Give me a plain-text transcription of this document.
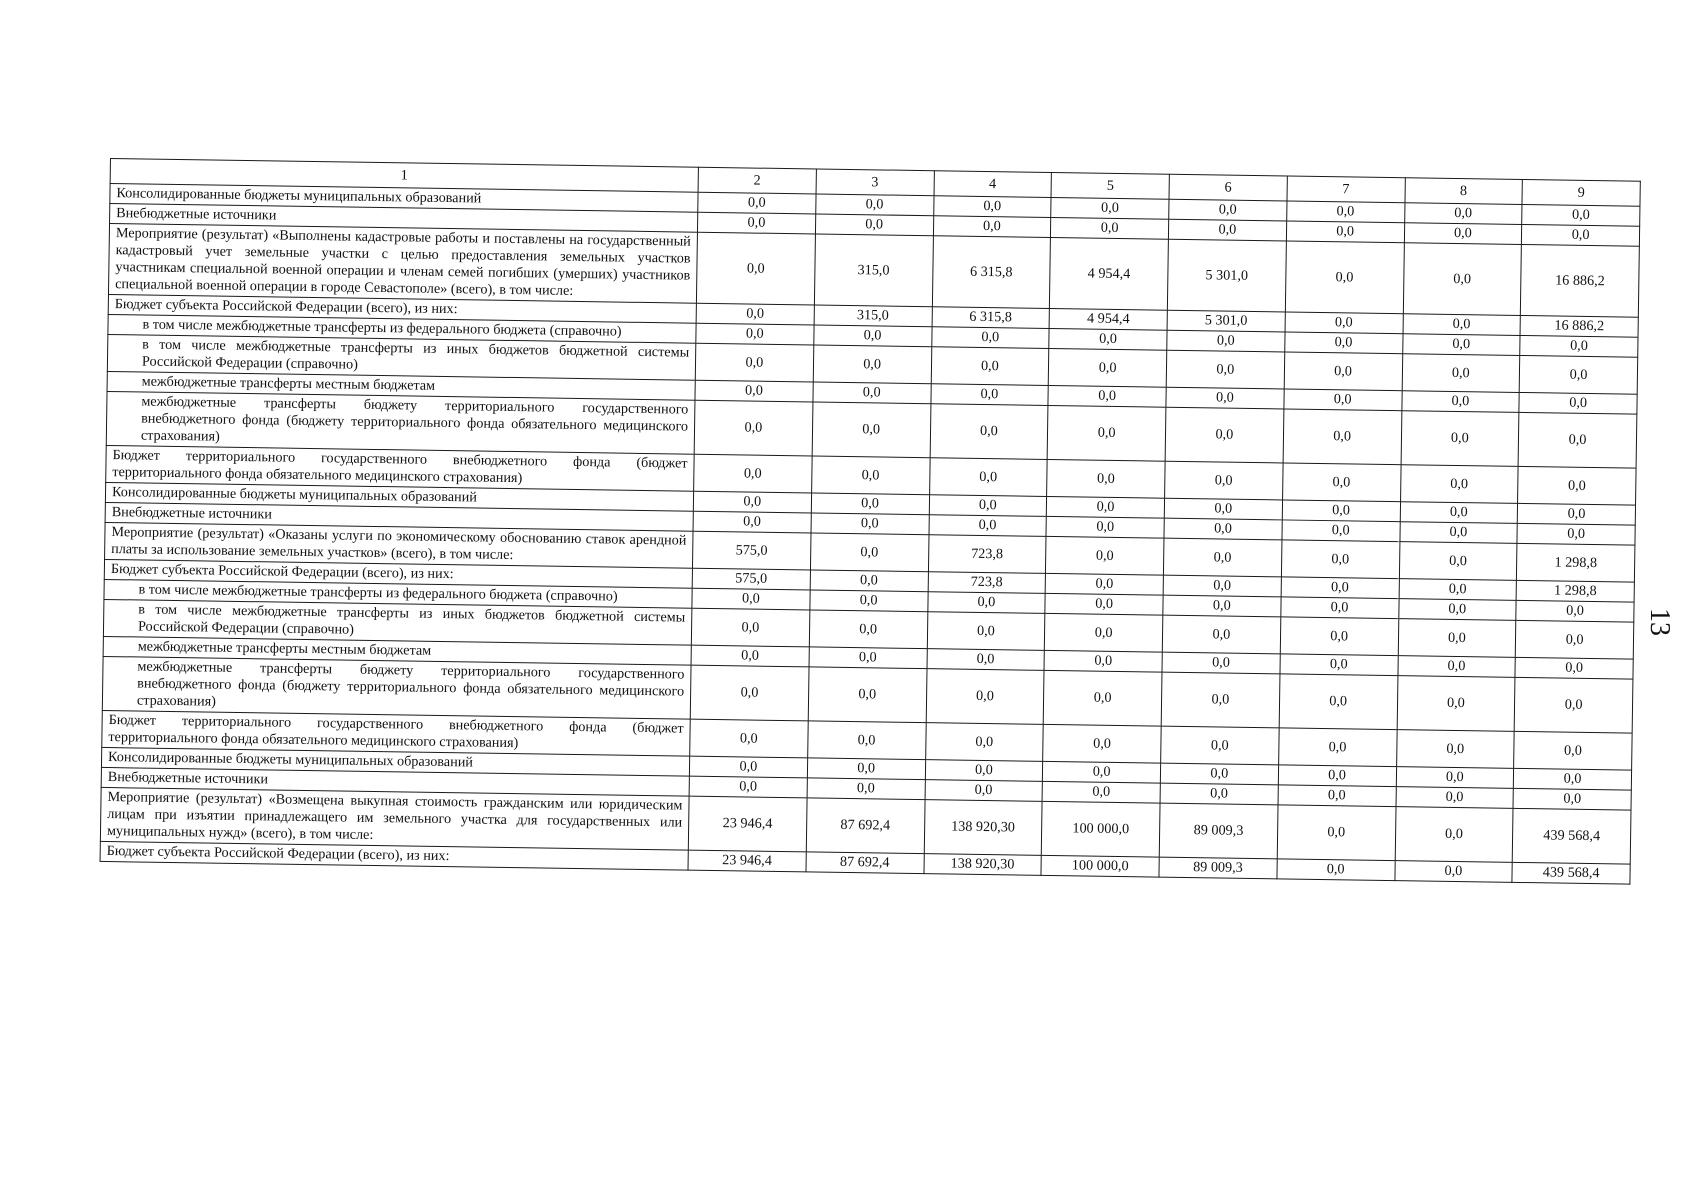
1	2	3	4	5	6	7	8	9
Консолидированные бюджеты муниципальных образований	0,0	0,0	0,0	0,0	0,0	0,0	0,0	0,0
Внебюджетные источники	0,0	0,0	0,0	0,0	0,0	0,0	0,0	0,0
Мероприятие (результат) «Выполнены кадастровые работы и поставлены на государственный кадастровый учет земельные участки с целью предоставления земельных участков участникам специальной военной операции и членам семей погибших (умерших) участников специальной военной операции в городе Севастополе» (всего), в том числе:	0,0	315,0	6 315,8	4 954,4	5 301,0	0,0	0,0	16 886,2
Бюджет субъекта Российской Федерации (всего), из них:	0,0	315,0	6 315,8	4 954,4	5 301,0	0,0	0,0	16 886,2
в том числе межбюджетные трансферты из федерального бюджета (справочно)	0,0	0,0	0,0	0,0	0,0	0,0	0,0	0,0
в том числе межбюджетные трансферты из иных бюджетов бюджетной системы Российской Федерации (справочно)	0,0	0,0	0,0	0,0	0,0	0,0	0,0	0,0
межбюджетные трансферты местным бюджетам	0,0	0,0	0,0	0,0	0,0	0,0	0,0	0,0
межбюджетные трансферты бюджету территориального государственного внебюджетного фонда (бюджету территориального фонда обязательного медицинского страхования)	0,0	0,0	0,0	0,0	0,0	0,0	0,0	0,0
Бюджет территориального государственного внебюджетного фонда (бюджет территориального фонда обязательного медицинского страхования)	0,0	0,0	0,0	0,0	0,0	0,0	0,0	0,0
Консолидированные бюджеты муниципальных образований	0,0	0,0	0,0	0,0	0,0	0,0	0,0	0,0
Внебюджетные источники	0,0	0,0	0,0	0,0	0,0	0,0	0,0	0,0
Мероприятие (результат) «Оказаны услуги по экономическому обоснованию ставок арендной платы за использование земельных участков» (всего), в том числе:	575,0	0,0	723,8	0,0	0,0	0,0	0,0	1 298,8
Бюджет субъекта Российской Федерации (всего), из них:	575,0	0,0	723,8	0,0	0,0	0,0	0,0	1 298,8
в том числе межбюджетные трансферты из федерального бюджета (справочно)	0,0	0,0	0,0	0,0	0,0	0,0	0,0	0,0
в том числе межбюджетные трансферты из иных бюджетов бюджетной системы Российской Федерации (справочно)	0,0	0,0	0,0	0,0	0,0	0,0	0,0	0,0
межбюджетные трансферты местным бюджетам	0,0	0,0	0,0	0,0	0,0	0,0	0,0	0,0
межбюджетные трансферты бюджету территориального государственного внебюджетного фонда (бюджету территориального фонда обязательного медицинского страхования)	0,0	0,0	0,0	0,0	0,0	0,0	0,0	0,0
Бюджет территориального государственного внебюджетного фонда (бюджет территориального фонда обязательного медицинского страхования)	0,0	0,0	0,0	0,0	0,0	0,0	0,0	0,0
Консолидированные бюджеты муниципальных образований	0,0	0,0	0,0	0,0	0,0	0,0	0,0	0,0
Внебюджетные источники	0,0	0,0	0,0	0,0	0,0	0,0	0,0	0,0
Мероприятие (результат) «Возмещена выкупная стоимость гражданским или юридическим лицам при изъятии принадлежащего им земельного участка для государственных или муниципальных нужд» (всего), в том числе:	23 946,4	87 692,4	138 920,30	100 000,0	89 009,3	0,0	0,0	439 568,4
Бюджет субъекта Российской Федерации (всего), из них:	23 946,4	87 692,4	138 920,30	100 000,0	89 009,3	0,0	0,0	439 568,4
13
